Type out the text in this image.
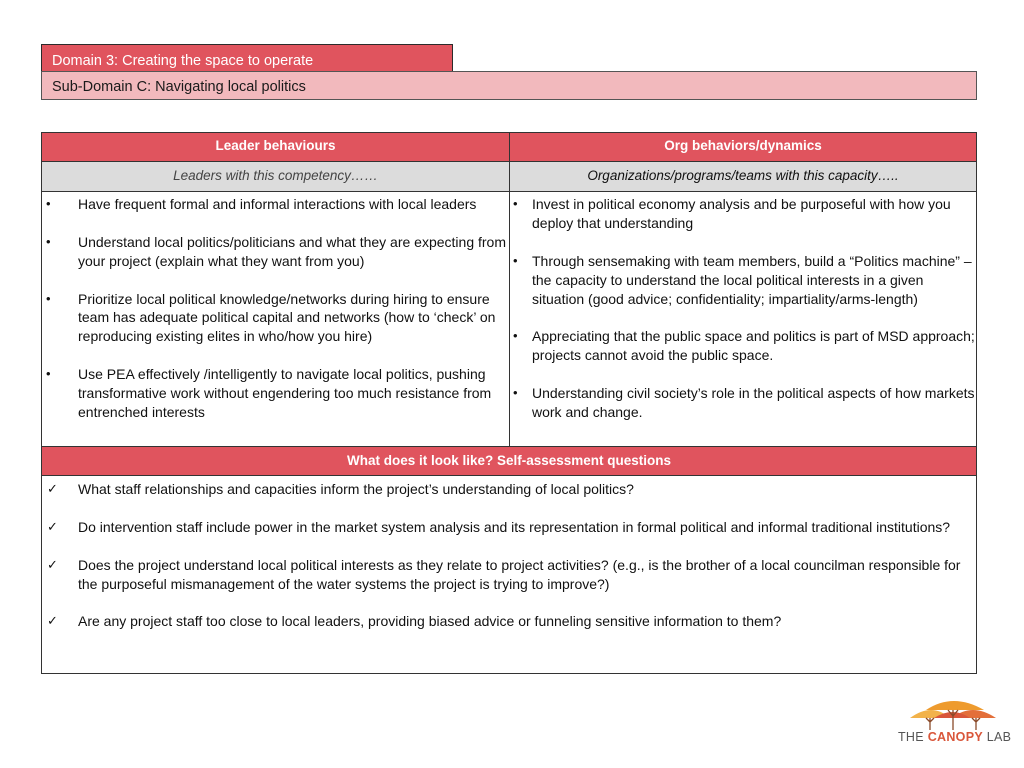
Domain 3: Creating the space to operate
Sub-Domain C: Navigating local politics
Leader behaviours	Org behaviors/dynamics
Leaders with this competency……	Organizations/programs/teams with this capacity…..
• Have frequent formal and informal interactions with local leaders
• Understand local politics/politicians and what they are expecting from your project (explain what they want from you)
• Prioritize local political knowledge/networks during hiring to ensure team has adequate political capital and networks (how to ‘check’ on reproducing existing elites in who/how you hire)
• Use PEA effectively /intelligently to navigate local politics, pushing transformative work without engendering too much resistance from entrenched interests
• Invest in political economy analysis and be purposeful with how you deploy that understanding
• Through sensemaking with team members, build a “Politics machine” – the capacity to understand the local political interests in a given situation (good advice; confidentiality; impartiality/arms-length)
• Appreciating that the public space and politics is part of MSD approach; projects cannot avoid the public space.
• Understanding civil society’s role in the political aspects of how markets work and change.
What does it look like? Self-assessment questions
✓ What staff relationships and capacities inform the project’s understanding of local politics?
✓ Do intervention staff include power in the market system analysis and its representation in formal political and informal traditional institutions?
✓ Does the project understand local political interests as they relate to project activities? (e.g., is the brother of a local councilman responsible for the purposeful mismanagement of the water systems the project is trying to improve?)
✓ Are any project staff too close to local leaders, providing biased advice or funneling sensitive information to them?
THE CANOPY LAB
